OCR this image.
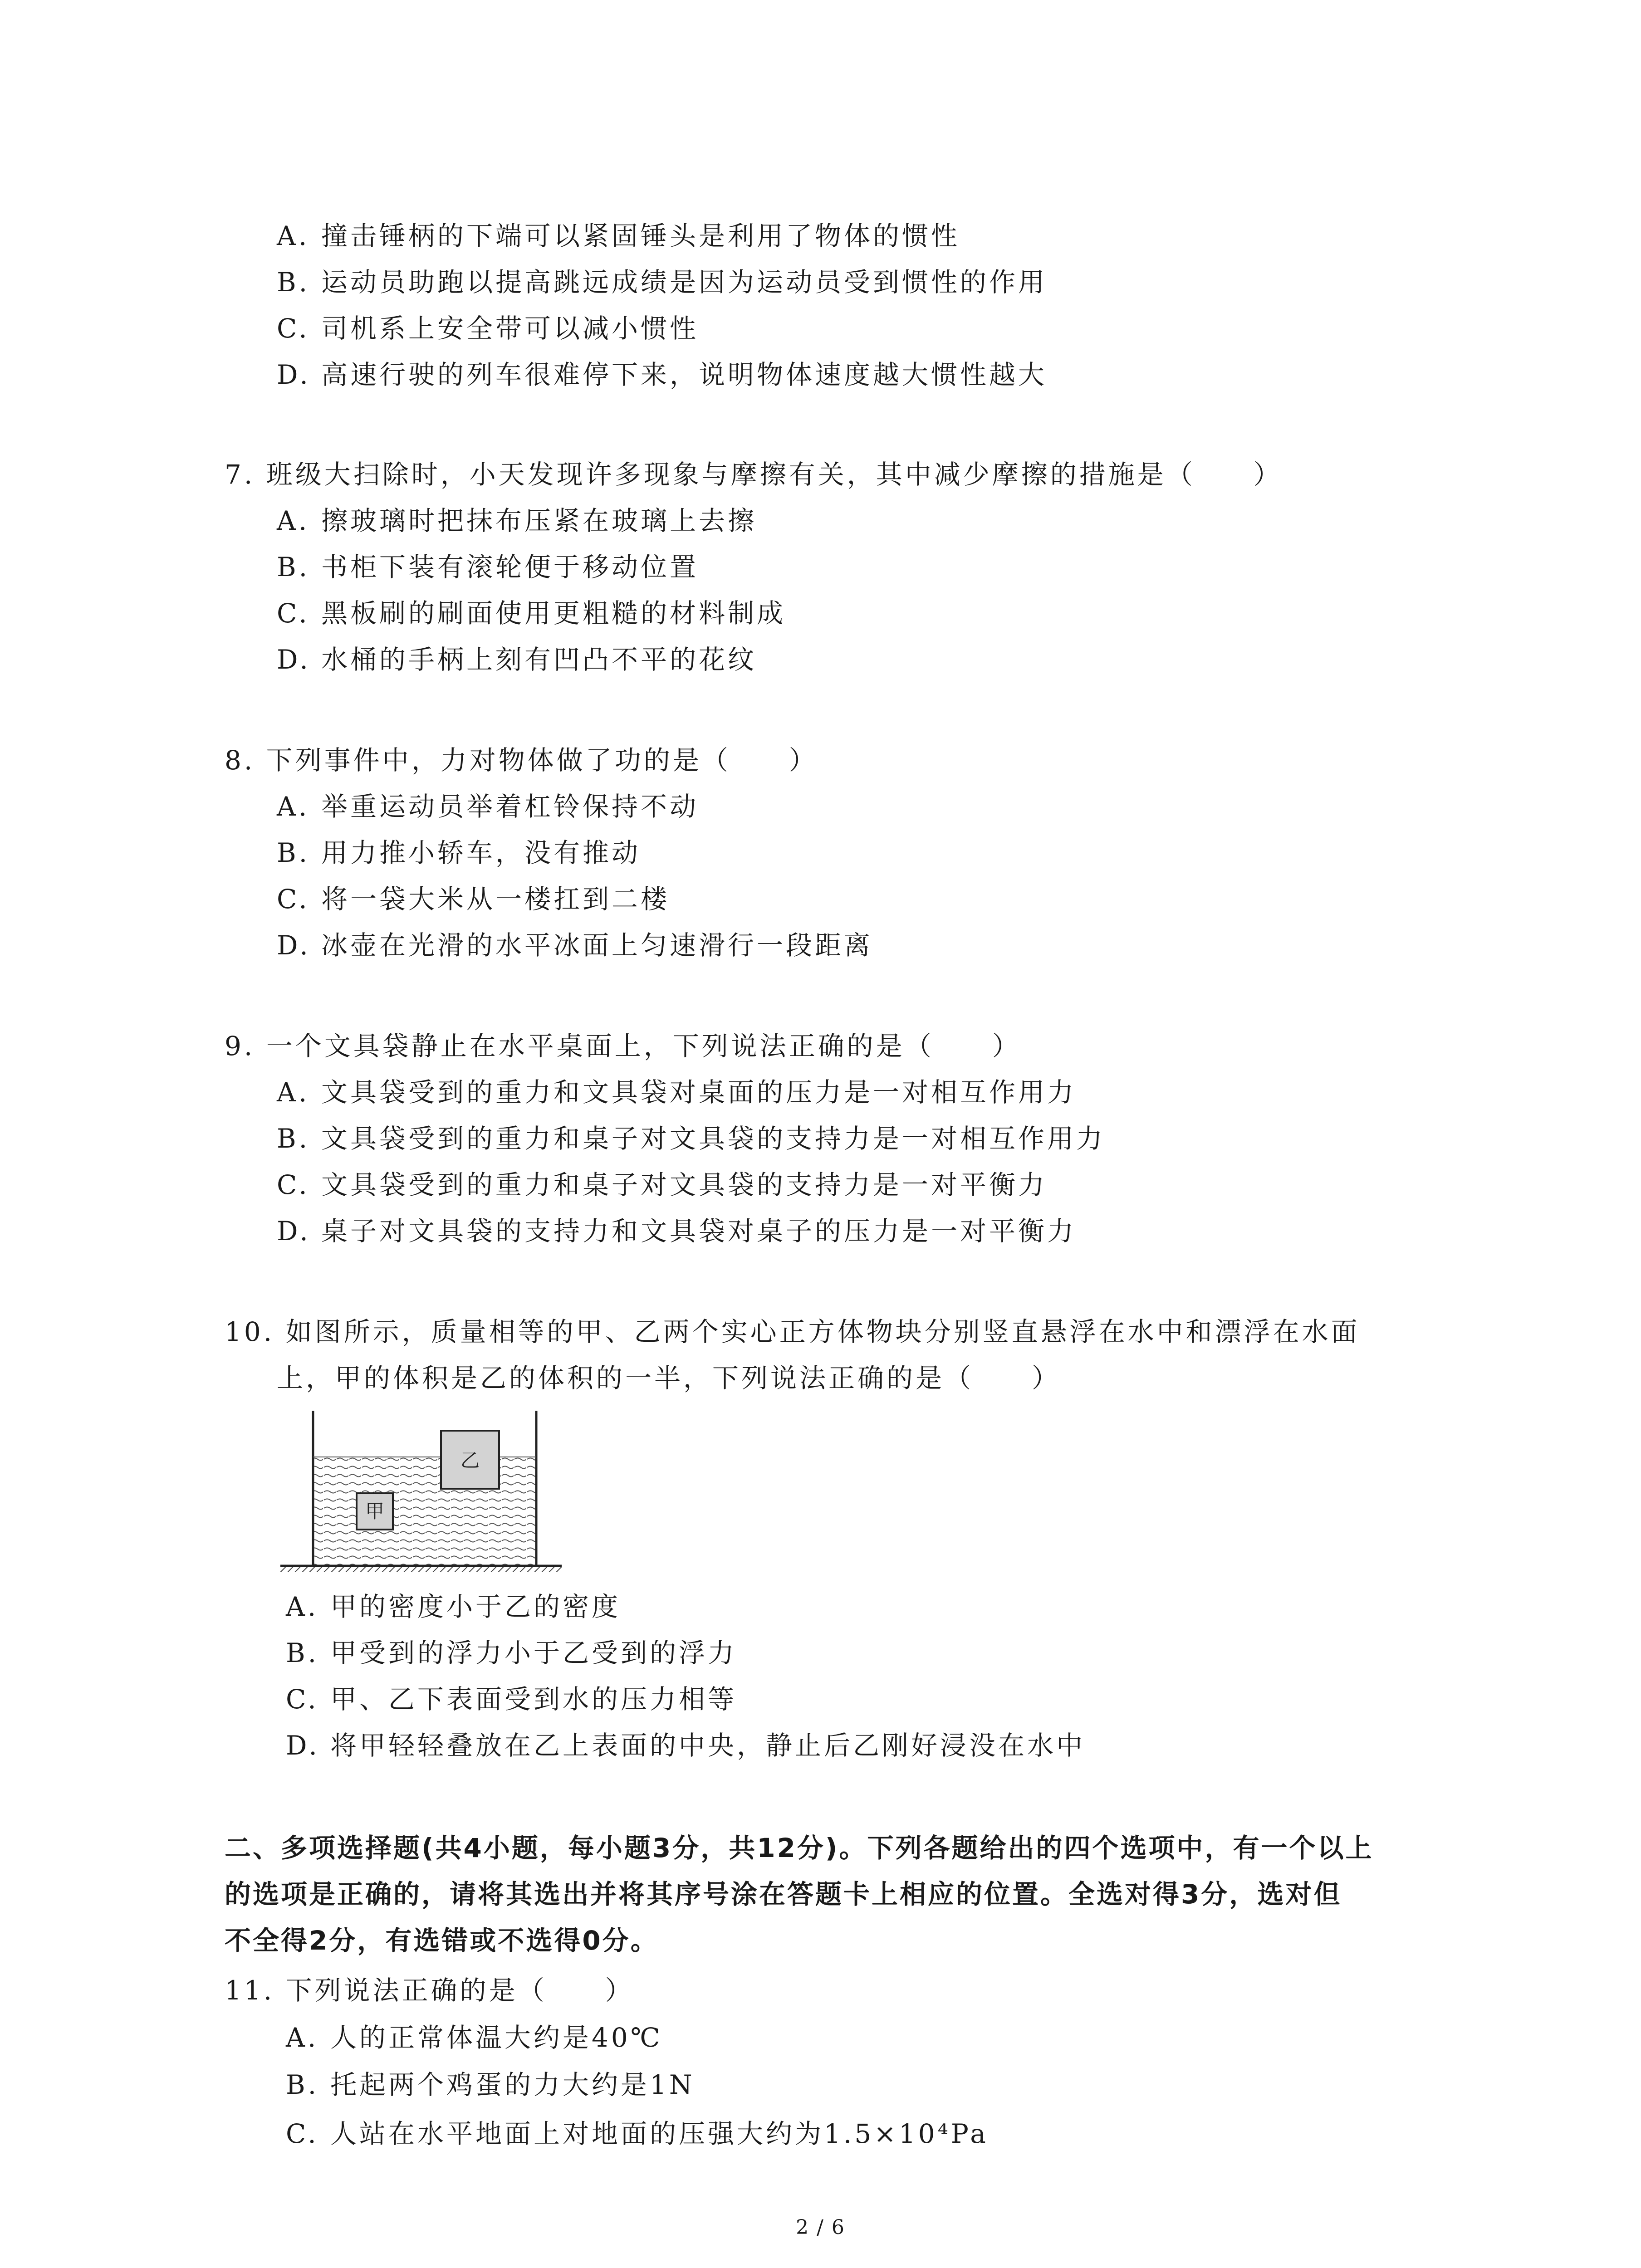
A. 撞击锤柄的下端可以紧固锤头是利用了物体的惯性
B. 运动员助跑以提高跳远成绩是因为运动员受到惯性的作用
C. 司机系上安全带可以减小惯性
D. 高速行驶的列车很难停下来，说明物体速度越大惯性越大
7. 班级大扫除时，小天发现许多现象与摩擦有关，其中减少摩擦的措施是（　　）
A. 擦玻璃时把抹布压紧在玻璃上去擦
B. 书柜下装有滚轮便于移动位置
C. 黑板刷的刷面使用更粗糙的材料制成
D. 水桶的手柄上刻有凹凸不平的花纹
8. 下列事件中，力对物体做了功的是（　　）
A. 举重运动员举着杠铃保持不动
B. 用力推小轿车，没有推动
C. 将一袋大米从一楼扛到二楼
D. 冰壶在光滑的水平冰面上匀速滑行一段距离
9. 一个文具袋静止在水平桌面上，下列说法正确的是（　　）
A. 文具袋受到的重力和文具袋对桌面的压力是一对相互作用力
B. 文具袋受到的重力和桌子对文具袋的支持力是一对相互作用力
C. 文具袋受到的重力和桌子对文具袋的支持力是一对平衡力
D. 桌子对文具袋的支持力和文具袋对桌子的压力是一对平衡力
10. 如图所示，质量相等的甲、乙两个实心正方体物块分别竖直悬浮在水中和漂浮在水面
上，甲的体积是乙的体积的一半，下列说法正确的是（　　）
甲
乙
A. 甲的密度小于乙的密度
B. 甲受到的浮力小于乙受到的浮力
C. 甲、乙下表面受到水的压力相等
D. 将甲轻轻叠放在乙上表面的中央，静止后乙刚好浸没在水中
二、多项选择题(共4小题，每小题3分，共12分)。下列各题给出的四个选项中，有一个以上
的选项是正确的，请将其选出并将其序号涂在答题卡上相应的位置。全选对得3分，选对但
不全得2分，有选错或不选得0分。
11. 下列说法正确的是（　　）
A. 人的正常体温大约是40℃
B. 托起两个鸡蛋的力大约是1N
C. 人站在水平地面上对地面的压强大约为1.5×10⁴Pa
2 / 6
